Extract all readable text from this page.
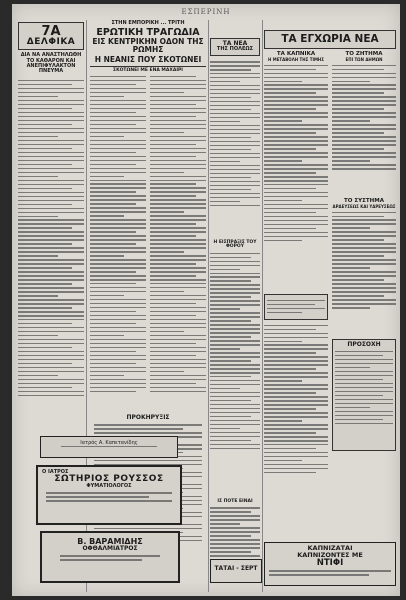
ΕΣΠΕΡΙΝΗ
7Α
ΔΕΛΦΙΚΑ
ΔΙΑ ΝΑ ΑΝΑΣΤΗΛΩΘΗ ΤΟ ΚΑΘΑΡΟΝ ΚΑΙ ΑΝΕΠΙΦΥΛΑΚΤΟΝ ΠΝΕΥΜΑ
ΣΤΗΝ ΕΜΠΟΡΙΚΗ ... ΤΡΙΤΗ
ΕΡΩΤΙΚΗ ΤΡΑΓΩΔΙΑ
ΕΙΣ ΚΕΝΤΡΙΚΗΝ ΟΔΟΝ ΤΗΣ ΡΩΜΗΣ
Η ΝΕΑΝΙΣ ΠΟΥ ΣΚΟΤΩΝΕΙ
ΣΚΟΤΩΝΕΙ ΜΕ ΕΝΑ ΜΑΧΑΙΡΙ
ΠΡΟΚΗΡΥΞΙΣ
ΤΑ ΝΕΑ
ΤΗΣ ΠΟΛΕΩΣ
Η ΕΙΣΠΡΑΞΙΣ ΤΟΥ ΦΟΡΟΥ
ΙΣ ΠΟΤΕ ΕΙΝΑΙ
ΤΑ ΕΓΧΩΡΙΑ ΝΕΑ
ΤΑ ΚΑΠΝΙΚΑ
Η ΜΕΤΑΒΟΛΗ ΤΗΣ ΤΙΜΗΣ
ΤΟ ΖΗΤΗΜΑ
ΕΠΙ ΤΩΝ ΔΗΜΩΝ
ΤΟ ΣΥΣΤΗΜΑ
ΑΡΔΕΥΣΕΩΣ ΚΑΙ ΥΔΡΕΥΣΕΩΣ
ΠΡΟΣΟΧΗ
Ιατρός Α. Καπετανίδης
Ο ΙΑΤΡΟΣ
ΣΩΤΗΡΙΟΣ ΡΟΥΣΣΟΣ
ΦΥΜΑΤΙΟΛΟΓΟΣ
Β. ΒΑΡΑΜΙΔΗΣ
ΟΦΘΑΛΜΙΑΤΡΟΣ	ΚΑΠΝΙΖΑΤΑΙ
ΚΑΠΝΙΖΟΝΤΕΣ ΜΕ
ΝΤΙΦΙ
ΤΑΤΑΙ - ΣΕΡΤ
